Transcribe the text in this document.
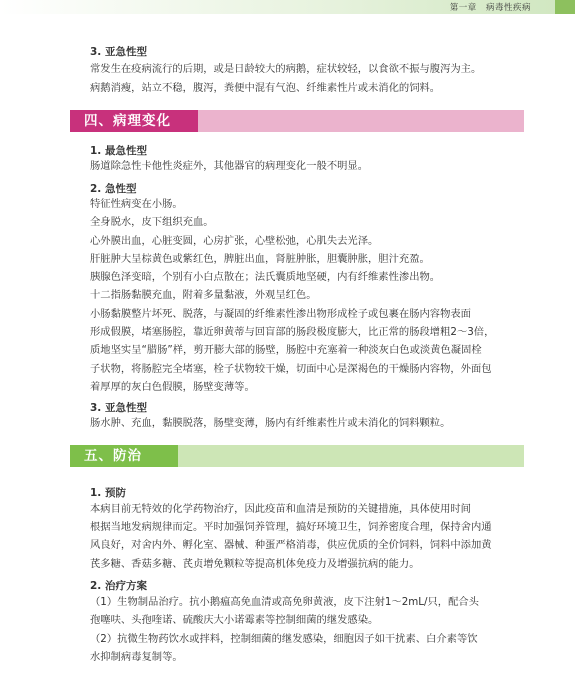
第一章 病毒性疾病
3. 亚急性型
常发生在疫病流行的后期，或是日龄较大的病鹅，症状较轻，以食欲不振与腹泻为主。
病鹅消瘦，站立不稳，腹泻，粪便中混有气泡、纤维素性片或未消化的饲料。
四、病理变化
1. 最急性型
肠道除急性卡他性炎症外，其他器官的病理变化一般不明显。
2. 急性型
特征性病变在小肠。
全身脱水，皮下组织充血。
心外膜出血，心脏变圆，心房扩张，心壁松弛，心肌失去光泽。
肝脏肿大呈棕黄色或紫红色，脾脏出血，肾脏肿胀，胆囊肿胀，胆汁充盈。
胰腺色泽变暗，个别有小白点散在；法氏囊质地坚硬，内有纤维素性渗出物。
十二指肠黏膜充血，附着多量黏液，外观呈红色。
小肠黏膜整片坏死、脱落，与凝固的纤维素性渗出物形成栓子或包裹在肠内容物表面
形成假膜，堵塞肠腔，靠近卵黄蒂与回盲部的肠段极度膨大，比正常的肠段增粗2～3倍，
质地坚实呈“腊肠”样，剪开膨大部的肠壁，肠腔中充塞着一种淡灰白色或淡黄色凝固栓
子状物，将肠腔完全堵塞，栓子状物较干燥，切面中心是深褐色的干燥肠内容物，外面包
着厚厚的灰白色假膜，肠壁变薄等。
3. 亚急性型
肠水肿、充血，黏膜脱落，肠壁变薄，肠内有纤维素性片或未消化的饲料颗粒。
五、防治
1. 预防
本病目前无特效的化学药物治疗，因此疫苗和血清是预防的关键措施，具体使用时间
根据当地发病规律而定。平时加强饲养管理，搞好环境卫生，饲养密度合理，保持舍内通
风良好，对舍内外、孵化室、器械、种蛋严格消毒，供应优质的全价饲料，饲料中添加黄
芪多糖、香菇多糖、芪贞增免颗粒等提高机体免疫力及增强抗病的能力。
2. 治疗方案
（1）生物制品治疗。抗小鹅瘟高免血清或高免卵黄液，皮下注射1～2mL/只，配合头
孢噻呋、头孢喹诺、硫酸庆大小诺霉素等控制细菌的继发感染。
（2）抗微生物药饮水或拌料，控制细菌的继发感染，细胞因子如干扰素、白介素等饮
水抑制病毒复制等。
